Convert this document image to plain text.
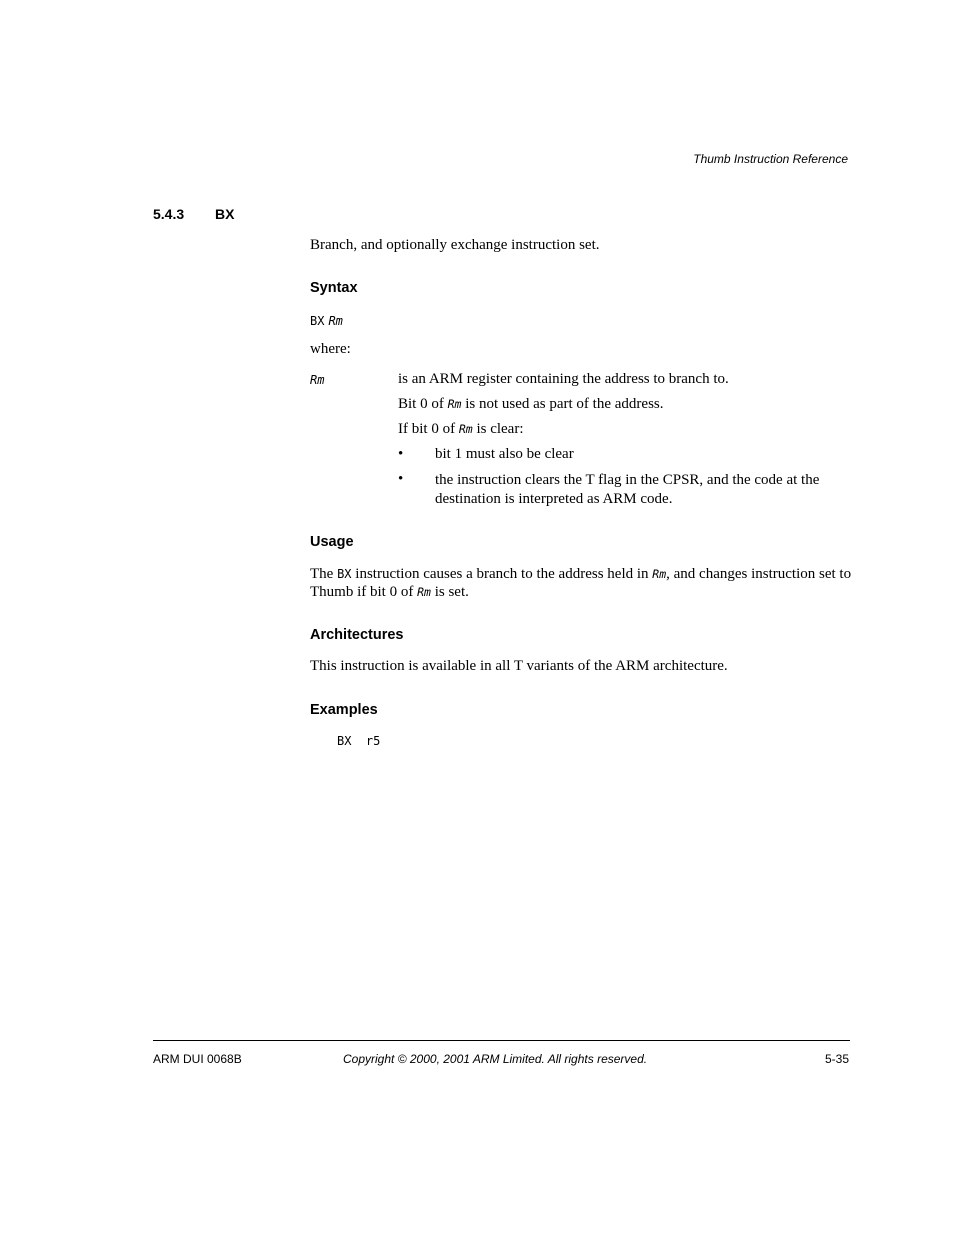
Thumb Instruction Reference
5.4.3 BX
Branch, and optionally exchange instruction set.
Syntax
BX Rm
where:
Rm	is an ARM register containing the address to branch to.
Bit 0 of Rm is not used as part of the address.
If bit 0 of Rm is clear:
• bit 1 must also be clear
• the instruction clears the T flag in the CPSR, and the code at the destination is interpreted as ARM code.
Usage
The BX instruction causes a branch to the address held in Rm, and changes instruction set to Thumb if bit 0 of Rm is set.
Architectures
This instruction is available in all T variants of the ARM architecture.
Examples
BX  r5
ARM DUI 0068B	Copyright © 2000, 2001 ARM Limited. All rights reserved.	5-35
